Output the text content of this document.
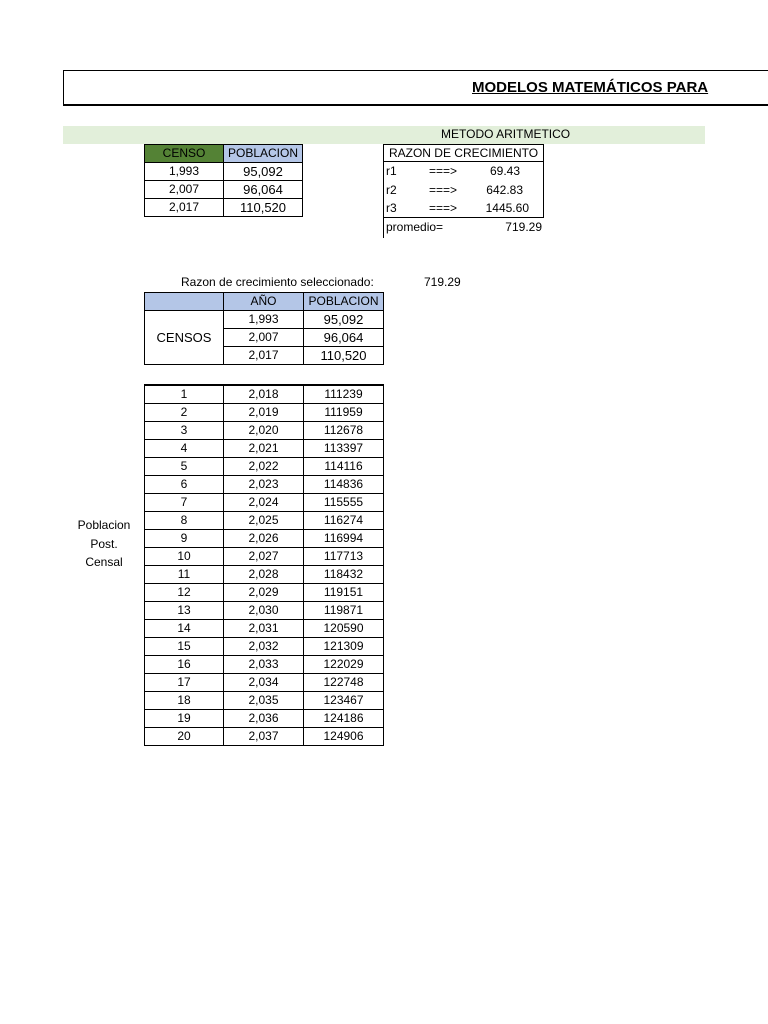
MODELOS MATEMÁTICOS PARA
METODO ARITMETICO
CENSO	POBLACION
1,993	95,092
2,007	96,064
2,017	110,520
RAZON DE CRECIMIENTO
r1	===>	69.43
r2	===>	642.83
r3	===>	1445.60
promedio=	719.29
Razon de crecimiento seleccionado:	719.29
	AÑO	POBLACION
CENSOS	1,993	95,092
	2,007	96,064
	2,017	110,520
Poblacion
Post.
Censal
1	2,018	111239
2	2,019	111959
3	2,020	112678
4	2,021	113397
5	2,022	114116
6	2,023	114836
7	2,024	115555
8	2,025	116274
9	2,026	116994
10	2,027	117713
11	2,028	118432
12	2,029	119151
13	2,030	119871
14	2,031	120590
15	2,032	121309
16	2,033	122029
17	2,034	122748
18	2,035	123467
19	2,036	124186
20	2,037	124906
